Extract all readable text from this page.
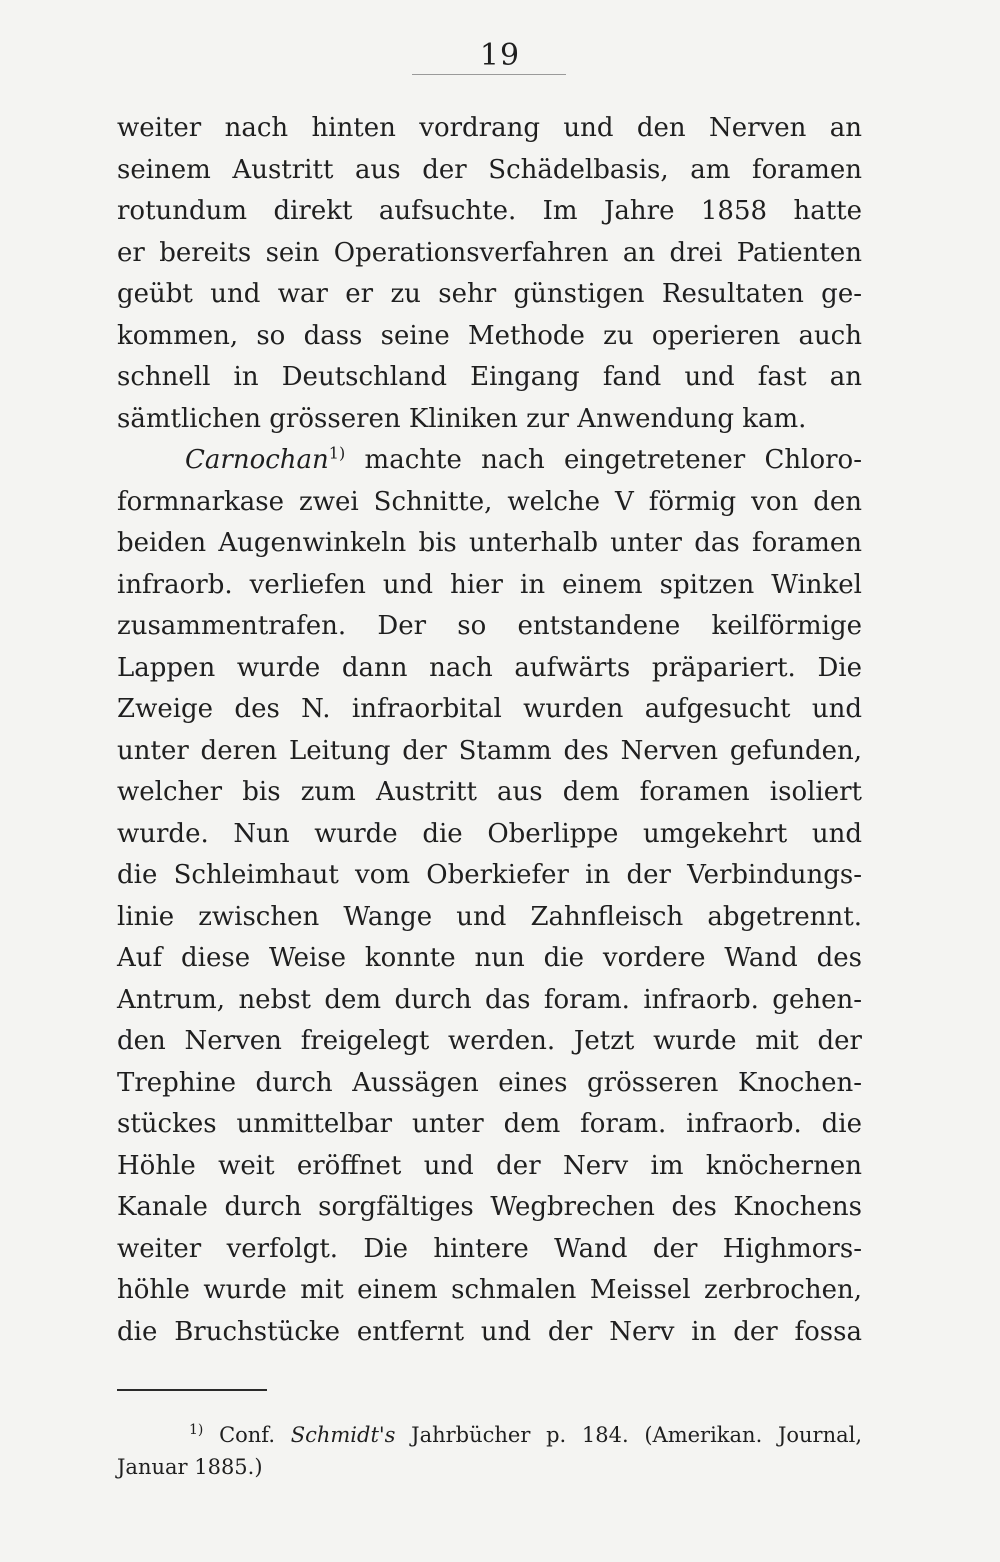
19
weiter nach hinten vordrang und den Nerven an
seinem Austritt aus der Schädelbasis, am foramen
rotundum direkt aufsuchte. Im Jahre 1858 hatte
er bereits sein Operationsverfahren an drei Patienten
geübt und war er zu sehr günstigen Resultaten ge-
kommen, so dass seine Methode zu operieren auch
schnell in Deutschland Eingang fand und fast an
sämtlichen grösseren Kliniken zur Anwendung kam.
Carnochan$^{1)}$ machte nach eingetretener Chloro-
formnarkase zwei Schnitte, welche V förmig von den
beiden Augenwinkeln bis unterhalb unter das foramen
infraorb. verliefen und hier in einem spitzen Winkel
zusammentrafen. Der so entstandene keilförmige
Lappen wurde dann nach aufwärts präpariert. Die
Zweige des N. infraorbital wurden aufgesucht und
unter deren Leitung der Stamm des Nerven gefunden,
welcher bis zum Austritt aus dem foramen isoliert
wurde. Nun wurde die Oberlippe umgekehrt und
die Schleimhaut vom Oberkiefer in der Verbindungs-
linie zwischen Wange und Zahnfleisch abgetrennt.
Auf diese Weise konnte nun die vordere Wand des
Antrum, nebst dem durch das foram. infraorb. gehen-
den Nerven freigelegt werden. Jetzt wurde mit der
Trephine durch Aussägen eines grösseren Knochen-
stückes unmittelbar unter dem foram. infraorb. die
Höhle weit eröffnet und der Nerv im knöchernen
Kanale durch sorgfältiges Wegbrechen des Knochens
weiter verfolgt. Die hintere Wand der Highmors-
höhle wurde mit einem schmalen Meissel zerbrochen,
die Bruchstücke entfernt und der Nerv in der fossa
$^{1)}$ Conf. Schmidt's Jahrbücher p. 184. (Amerikan. Journal,
Januar 1885.)
